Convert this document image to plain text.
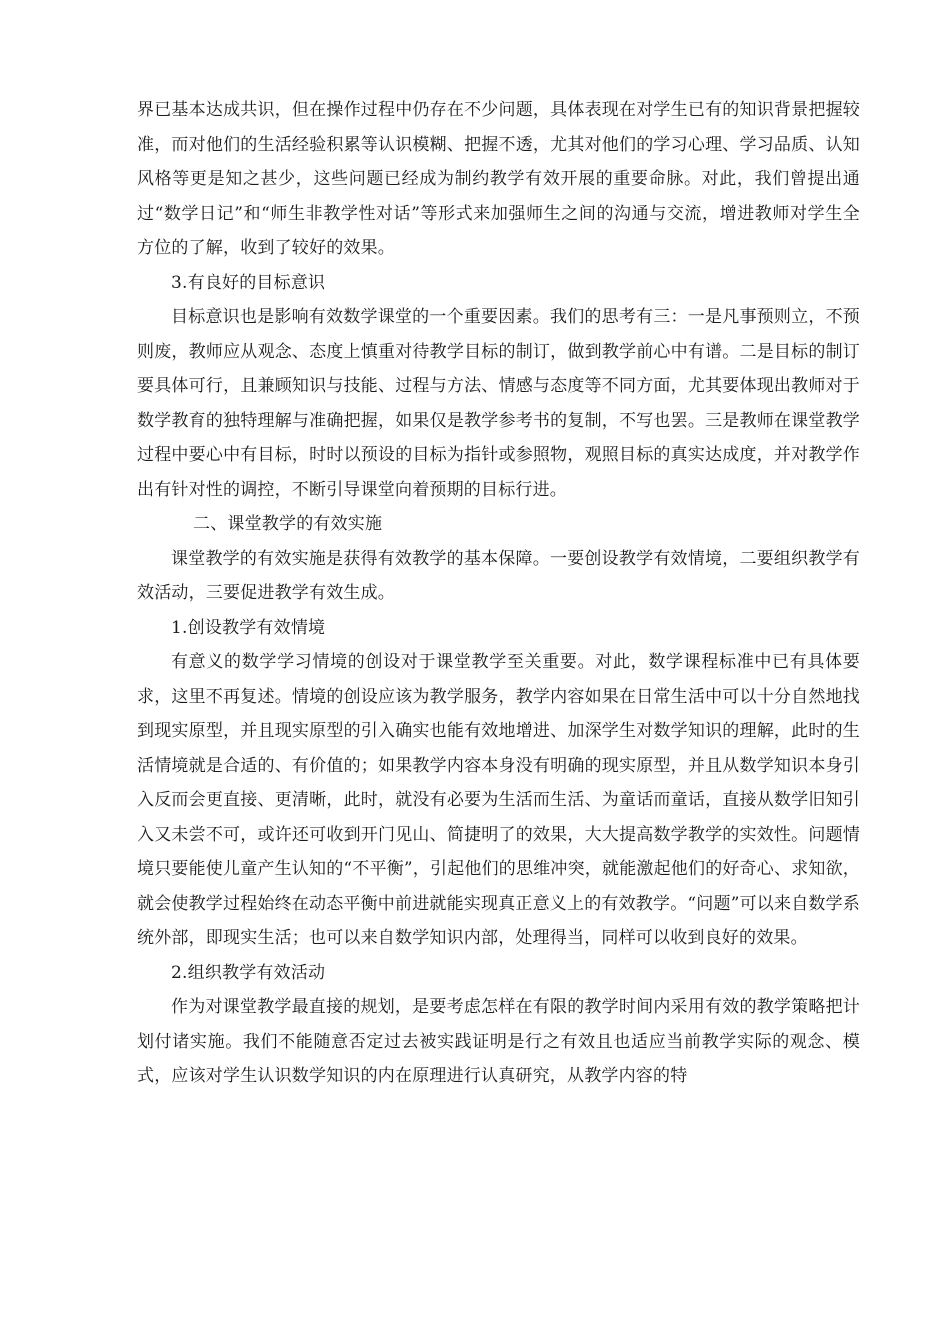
界已基本达成共识，但在操作过程中仍存在不少问题，具体表现在对学生已有的知识背景把握较准，而对他们的生活经验积累等认识模糊、把握不透，尤其对他们的学习心理、学习品质、认知风格等更是知之甚少，这些问题已经成为制约教学有效开展的重要命脉。对此，我们曾提出通过“数学日记”和“师生非教学性对话”等形式来加强师生之间的沟通与交流，增进教师对学生全方位的了解，收到了较好的效果。

3.有良好的目标意识

目标意识也是影响有效数学课堂的一个重要因素。我们的思考有三：一是凡事预则立，不预则废，教师应从观念、态度上慎重对待教学目标的制订，做到教学前心中有谱。二是目标的制订要具体可行，且兼顾知识与技能、过程与方法、情感与态度等不同方面，尤其要体现出教师对于数学教育的独特理解与准确把握，如果仅是教学参考书的复制，不写也罢。三是教师在课堂教学过程中要心中有目标，时时以预设的目标为指针或参照物，观照目标的真实达成度，并对教学作出有针对性的调控，不断引导课堂向着预期的目标行进。

二、课堂教学的有效实施

课堂教学的有效实施是获得有效教学的基本保障。一要创设教学有效情境，二要组织教学有效活动，三要促进教学有效生成。

1.创设教学有效情境

有意义的数学学习情境的创设对于课堂教学至关重要。对此，数学课程标准中已有具体要求，这里不再复述。情境的创设应该为教学服务，教学内容如果在日常生活中可以十分自然地找到现实原型，并且现实原型的引入确实也能有效地增进、加深学生对数学知识的理解，此时的生活情境就是合适的、有价值的；如果教学内容本身没有明确的现实原型，并且从数学知识本身引入反而会更直接、更清晰，此时，就没有必要为生活而生活、为童话而童话，直接从数学旧知引入又未尝不可，或许还可收到开门见山、简捷明了的效果，大大提高数学教学的实效性。问题情境只要能使儿童产生认知的“不平衡”，引起他们的思维冲突，就能激起他们的好奇心、求知欲，就会使教学过程始终在动态平衡中前进就能实现真正意义上的有效教学。“问题”可以来自数学系统外部，即现实生活；也可以来自数学知识内部，处理得当，同样可以收到良好的效果。

2.组织教学有效活动

作为对课堂教学最直接的规划，是要考虑怎样在有限的教学时间内采用有效的教学策略把计划付诸实施。我们不能随意否定过去被实践证明是行之有效且也适应当前教学实际的观念、模式，应该对学生认识数学知识的内在原理进行认真研究，从教学内容的特
